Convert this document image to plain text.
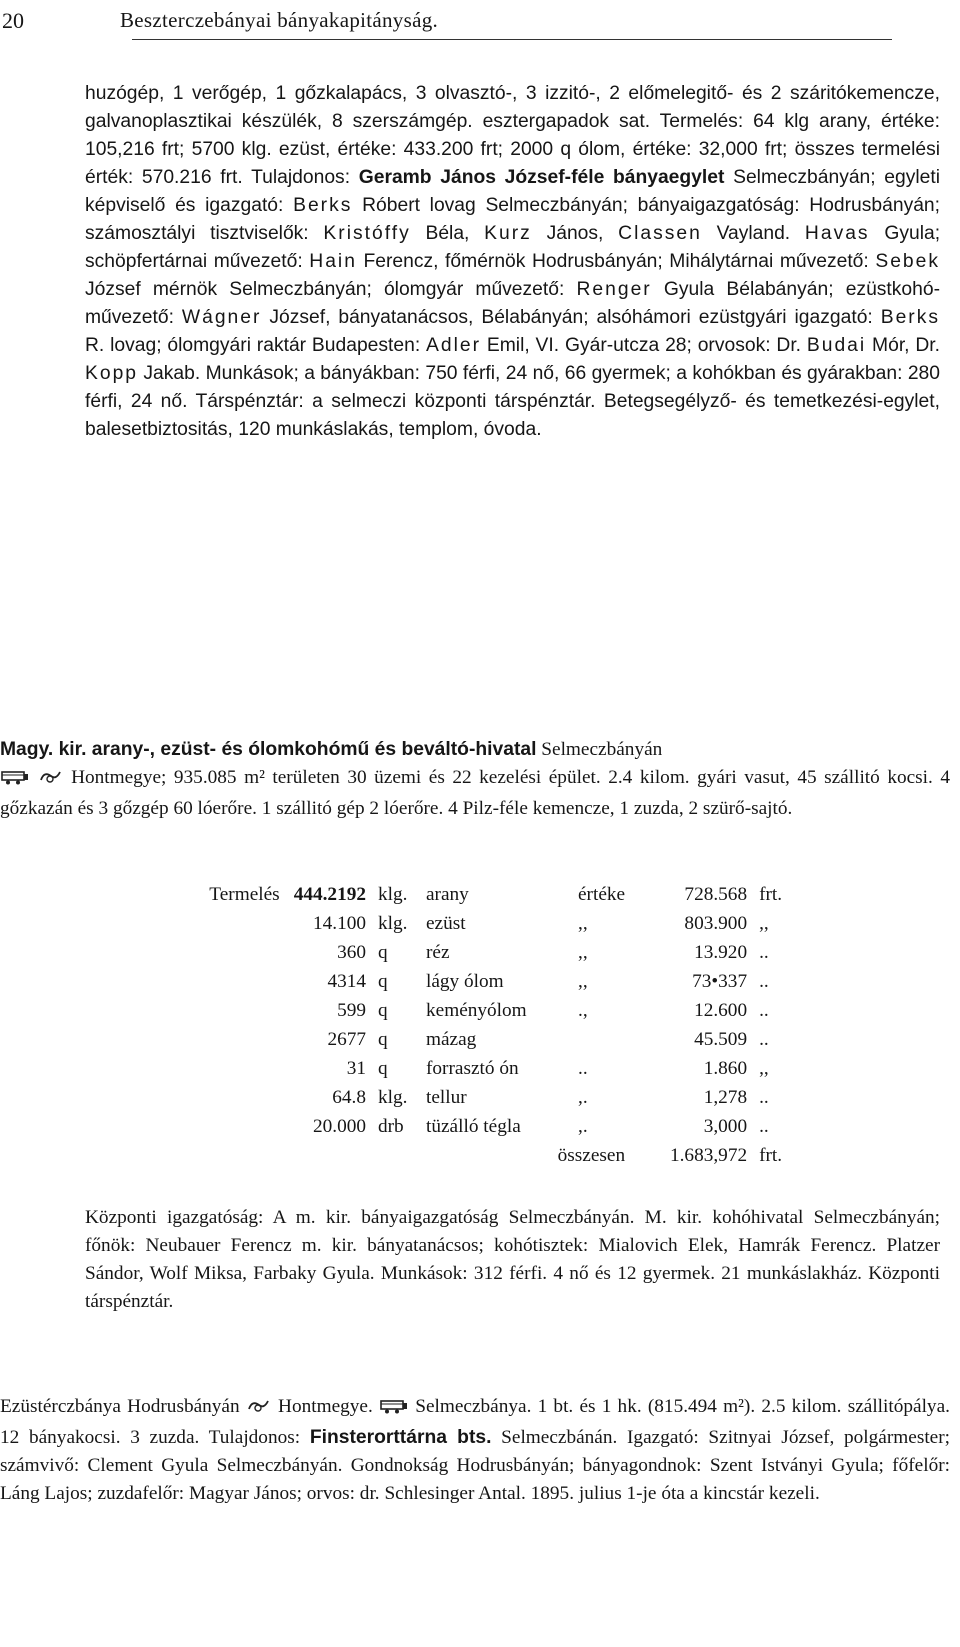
20	Beszterczebányai bányakapitányság.

huzógép, 1 verőgép, 1 gőzkalapács, 3 olvasztó-, 3 izzitó-, 2 előmelegitő- és 2 száritókemencze, galvanoplasztikai készülék, 8 szerszámgép. esztergapadok sat. Termelés: 64 klg arany, értéke: 105,216 frt; 5700 klg. ezüst, értéke: 433.200 frt; 2000 q ólom, értéke: 32,000 frt; összes termelési érték: 570.216 frt. Tulajdonos: Geramb János József-féle bányaegylet Selmeczbányán; egyleti képviselő és igazgató: Berks Róbert lovag Selmeczbányán; bányaigazgatóság: Hodrusbányán; számosztályi tisztviselők: Kristóffy Béla, Kurz János, Classen Vayland. Havas Gyula; schöpfertárnai művezető: Hain Ferencz, főmérnök Hodrusbányán; Mihálytárnai művezető: Sebek József mérnök Selmeczbányán; ólomgyár művezető: Renger Gyula Bélabányán; ezüstkohó-művezető: Wágner József, bányatanácsos, Bélabányán; alsóhámori ezüstgyári igazgató: Berks R. lovag; ólomgyári raktár Budapesten: Adler Emil, VI. Gyár-utcza 28; orvosok: Dr. Budai Mór, Dr. Kopp Jakab. Munkások; a bányákban: 750 férfi, 24 nő, 66 gyermek; a kohókban és gyárakban: 280 férfi, 24 nő. Társpénztár: a selmeczi központi társpénztár. Betegsegélyző- és temetkezési-egylet, balesetbiztositás, 120 munkáslakás, templom, óvoda.

Magy. kir. arany-, ezüst- és ólomkohómű és beváltó-hivatal Selmeczbányán
Hontmegye; 935.085 m² területen 30 üzemi és 22 kezelési épület. 2.4 kilom. gyári vasut, 45 szállitó kocsi. 4 gőzkazán és 3 gőzgép 60 lóerőre. 1 szállitó gép 2 lóerőre. 4 Pilz-féle kemencze, 1 zuzda, 2 szürő-sajtó.

Termelés 444.2192	klg.	arany	értéke	728.568	frt.
14.100	klg.	ezüst	,,	803.900	,,
360	q	réz	,,	13.920	..
4314	q	lágy ólom	,,	73•337	..
599	q	keményólom	.,	12.600	..
2677	q	mázag		45.509	..
31	q	forrasztó ón	..	1.860	,,
64.8	klg.	tellur	,.	1,278	..
20.000	drb	tüzálló tégla	,.	3,000	..
		összesen		1.683,972	frt.

Központi igazgatóság: A m. kir. bányaigazgatóság Selmeczbányán. M. kir. kohóhivatal Selmeczbányán; főnök: Neubauer Ferencz m. kir. bányatanácsos; kohótisztek: Mialovich Elek, Hamrák Ferencz. Platzer Sándor, Wolf Miksa, Farbaky Gyula. Munkások: 312 férfi. 4 nő és 12 gyermek. 21 munkáslakház. Központi társpénztár.

Ezüstérczbánya Hodrusbányán Hontmegye. Selmeczbánya. 1 bt. és 1 hk. (815.494 m²). 2.5 kilom. szállitópálya. 12 bányakocsi. 3 zuzda. Tulajdonos: Finsterorttárna bts. Selmeczbánán. Igazgató: Szitnyai József, polgármester; számvivő: Clement Gyula Selmeczbányán. Gondnokság Hodrusbányán; bányagondnok: Szent Istványi Gyula; főfelőr: Láng Lajos; zuzdafelőr: Magyar János; orvos: dr. Schlesinger Antal. 1895. julius 1-je óta a kincstár kezeli.
